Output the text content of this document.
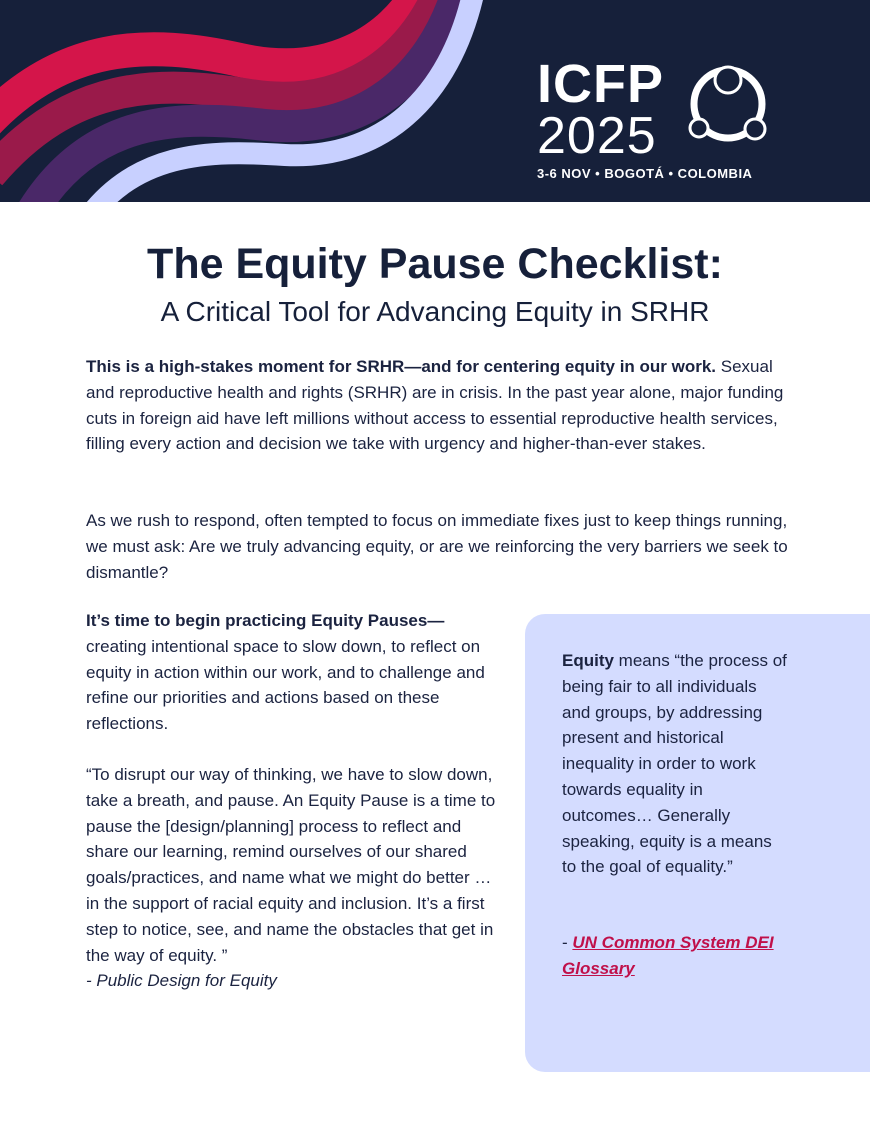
ICFP
2025
3-6 NOV • BOGOTÁ • COLOMBIA
The Equity Pause Checklist:
A Critical Tool for Advancing Equity in SRHR

This is a high-stakes moment for SRHR—and for centering equity in our work. Sexual and reproductive health and rights (SRHR) are in crisis. In the past year alone, major funding cuts in foreign aid have left millions without access to essential reproductive health services, filling every action and decision we take with urgency and higher-than-ever stakes.

As we rush to respond, often tempted to focus on immediate fixes just to keep things running, we must ask: Are we truly advancing equity, or are we reinforcing the very barriers we seek to dismantle?

It’s time to begin practicing Equity Pauses— creating intentional space to slow down, to reflect on equity in action within our work, and to challenge and refine our priorities and actions based on these reflections.

“To disrupt our way of thinking, we have to slow down, take a breath, and pause. An Equity Pause is a time to pause the [design/planning] process to reflect and share our learning, remind ourselves of our shared goals/practices, and name what we might do better … in the support of racial equity and inclusion. It’s a first step to notice, see, and name the obstacles that get in the way of equity. ”
- Public Design for Equity

Equity means “the process of being fair to all individuals and groups, by addressing present and historical inequality in order to work towards equality in outcomes… Generally speaking, equity is a means to the goal of equality.”

- UN Common System DEI Glossary
